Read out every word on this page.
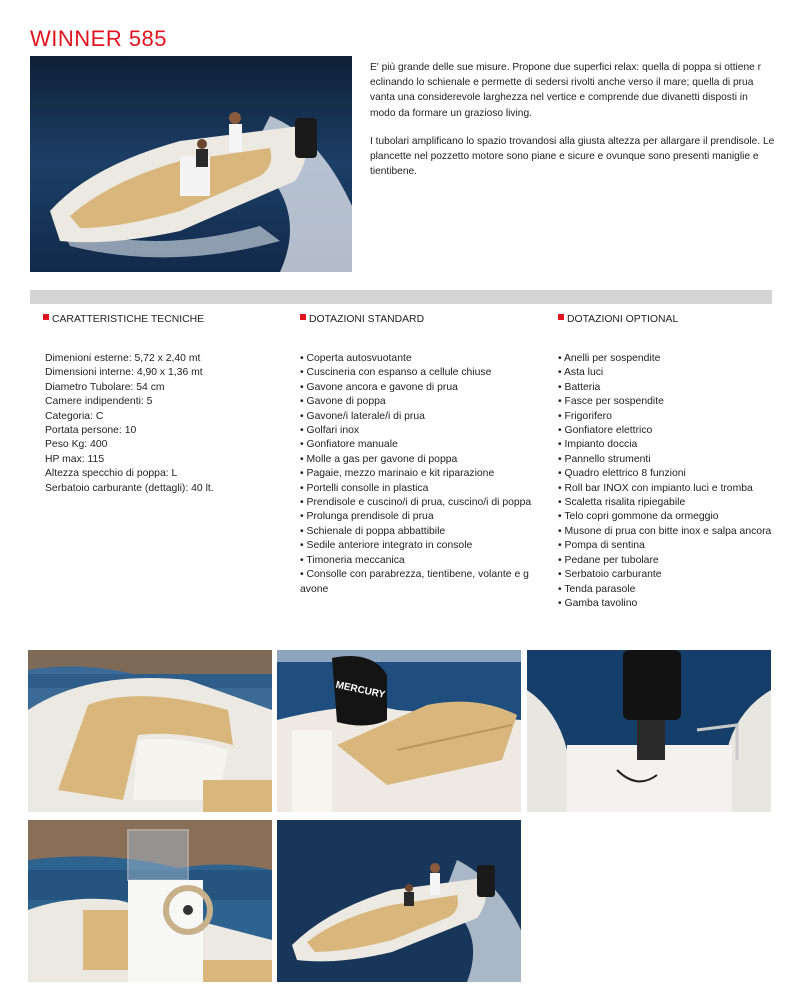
WINNER 585

E' più grande delle sue misure. Propone due superfici relax: quella di poppa si ottiene r eclinando lo schienale e permette di sedersi rivolti anche verso il mare; quella di prua vanta una considerevole larghezza nel vertice e comprende due divanetti disposti in modo da formare un grazioso living.

I tubolari amplificano lo spazio trovandosi alla giusta altezza per allargare il prendisole. Le plancette nel pozzetto motore sono piane e sicure e ovunque sono presenti maniglie e tientibene.

CARATTERISTICHE TECNICHE
Dimenioni esterne: 5,72 x 2,40 mt
Dimensioni interne: 4,90 x 1,36 mt
Diametro Tubolare: 54 cm
Camere indipendenti: 5
Categoria: C
Portata persone: 10
Peso Kg: 400
HP max: 115
Altezza specchio di poppa: L
Serbatoio carburante (dettagli): 40 lt.
DOTAZIONI STANDARD
• Coperta autosvuotante
• Cuscineria con espanso a cellule chiuse
• Gavone ancora e gavone di prua
• Gavone di poppa
• Gavone/i laterale/i di prua
• Golfari inox
• Gonfiatore manuale
• Molle a gas per gavone di poppa
• Pagaie, mezzo marinaio e kit riparazione
• Portelli consolle in plastica
• Prendisole e cuscino/i di prua, cuscino/i di poppa
• Prolunga prendisole di prua
• Schienale di poppa abbattibile
• Sedile anteriore integrato in console
• Timoneria meccanica
• Consolle con parabrezza, tientibene, volante e g avone
DOTAZIONI OPTIONAL
• Anelli per sospendite
• Asta luci
• Batteria
• Fasce per sospendite
• Frigorifero
• Gonfiatore elettrico
• Impianto doccia
• Pannello strumenti
• Quadro elettrico 8 funzioni
• Roll bar INOX con impianto luci e tromba
• Scaletta risalita ripiegabile
• Telo copri gommone da ormeggio
• Musone di prua con bitte inox e salpa ancora
• Pompa di sentina
• Pedane per tubolare
• Serbatoio carburante
• Tenda parasole
• Gamba tavolino
MERCURY
